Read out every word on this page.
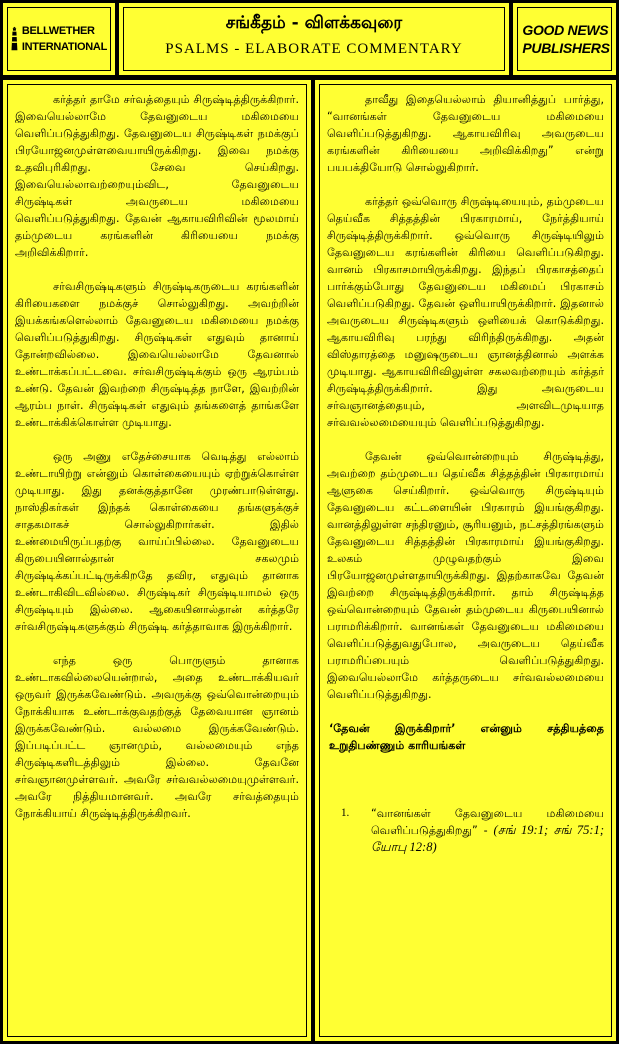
BELLWETHER
INTERNATIONAL
சங்கீதம் - விளக்கவுரை
PSALMS - ELABORATE COMMENTARY
GOOD NEWS
PUBLISHERS

கர்த்தர் தாமே சர்வத்தையும் சிருஷ்டித்திருக்கிறார். இவையெல்லாமே தேவனுடைய மகிமையை வெளிப்படுத்துகிறது. தேவனுடைய சிருஷ்டிகள் நமக்குப் பிரயோஜனமுள்ளவையாயிருக்கிறது. இவை நமக்கு உதவிபுரிகிறது. சேவை செய்கிறது. இவையெல்லாவற்றையும்விட, தேவனுடைய சிருஷ்டிகள் அவருடைய மகிமையை வெளிப்படுத்துகிறது. தேவன் ஆகாயவிரிவின் மூலமாய் தம்முடைய கரங்களின் கிரியையை நமக்கு அறிவிக்கிறார்.

சர்வசிருஷ்டிகளும் சிருஷ்டிகருடைய கரங்களின் கிரியைகளை நமக்குச் சொல்லுகிறது. அவற்றின் இயக்கங்களெல்லாம் தேவனுடைய மகிமையை நமக்கு வெளிப்படுத்துகிறது. சிருஷ்டிகள் எதுவும் தானாய் தோன்றவில்லை. இவையெல்லாமே தேவனால் உண்டாக்கப்பட்டவை. சர்வசிருஷ்டிக்கும் ஒரு ஆரம்பம் உண்டு. தேவன் இவற்றை சிருஷ்டித்த நாளே, இவற்றின் ஆரம்ப நாள். சிருஷ்டிகள் எதுவும் தங்களைத் தாங்களே உண்டாக்கிக்கொள்ள முடியாது.

ஒரு அணு எதேச்சையாக வெடித்து எல்லாம் உண்டாயிற்று என்னும் கொள்கையையும் ஏற்றுக்கொள்ள முடியாது. இது தனக்குத்தானே முரண்பாடுள்ளது. நாஸ்திகர்கள் இந்தக் கொள்கையை தங்களுக்குச் சாதகமாகச் சொல்லுகிறார்கள். இதில் உண்மையிருப்பதற்கு வாய்ப்பில்லை. தேவனுடைய கிருபையினால்தான் சகலமும் சிருஷ்டிக்கப்பட்டிருக்கிறதே தவிர, எதுவும் தானாக உண்டாகிவிடவில்லை. சிருஷ்டிகர் சிருஷ்டியாமல் ஒரு சிருஷ்டியும் இல்லை. ஆகையினால்தான் கர்த்தரே சர்வசிருஷ்டிகளுக்கும் சிருஷ்டி கர்த்தாவாக இருக்கிறார்.

எந்த ஒரு பொருளும் தானாக உண்டாகவில்லையென்றால், அதை உண்டாக்கியவர் ஒருவர் இருக்கவேண்டும். அவருக்கு ஒவ்வொன்றையும் நோக்கியாக உண்டாக்குவதற்குத் தேவையான ஞானம் இருக்கவேண்டும். வல்லமை இருக்கவேண்டும். இப்படிப்பட்ட ஞானமும், வல்லமையும் எந்த சிருஷ்டிகளிடத்திலும் இல்லை. தேவனே சர்வஞானமுள்ளவர். அவரே சர்வவல்லமையுமுள்ளவர். அவரே நித்தியமானவர். அவரே சர்வத்தையும் நோக்கியாய் சிருஷ்டித்திருக்கிறவர்.

தாவீது இதையெல்லாம் தியானித்துப் பார்த்து, “வானங்கள் தேவனுடைய மகிமையை வெளிப்படுத்துகிறது. ஆகாயவிரிவு அவருடைய கரங்களின் கிரியையை அறிவிக்கிறது” என்று பயபக்தியோடு சொல்லுகிறார்.

கர்த்தர் ஒவ்வொரு சிருஷ்டியையும், தம்முடைய தெய்வீக சித்தத்தின் பிரகாரமாய், நேர்த்தியாய் சிருஷ்டித்திருக்கிறார். ஒவ்வொரு சிருஷ்டியிலும் தேவனுடைய கரங்களின் கிரியை வெளிப்படுகிறது. வானம் பிரகாசமாயிருக்கிறது. இந்தப் பிரகாசத்தைப் பார்க்கும்போது தேவனுடைய மகிமைப் பிரகாசம் வெளிப்படுகிறது. தேவன் ஒளியாயிருக்கிறார். இதனால் அவருடைய சிருஷ்டிகளும் ஒளியைக் கொடுக்கிறது. ஆகாயவிரிவு பரந்து விரிந்திருக்கிறது. அதன் விஸ்தாரத்தை மனுஷருடைய ஞானத்தினால் அளக்க முடியாது. ஆகாயவிரிவிலுள்ள சகலவற்றையும் கர்த்தர் சிருஷ்டித்திருக்கிறார். இது அவருடைய சர்வஞானத்தையும், அளவிடமுடியாத சர்வவல்லமையையும் வெளிப்படுத்துகிறது.

தேவன் ஒவ்வொன்றையும் சிருஷ்டித்து, அவற்றை தம்முடைய தெய்வீக சித்தத்தின் பிரகாரமாய் ஆளுகை செய்கிறார். ஒவ்வொரு சிருஷ்டியும் தேவனுடைய கட்டளையின் பிரகாரம் இயங்குகிறது. வானத்திலுள்ள சந்திரனும், சூரியனும், நட்சத்திரங்களும் தேவனுடைய சித்தத்தின் பிரகாரமாய் இயங்குகிறது. உலகம் முழுவதற்கும் இவை பிரயோஜனமுள்ளதாயிருக்கிறது. இதற்காகவே தேவன் இவற்றை சிருஷ்டித்திருக்கிறார். தாம் சிருஷ்டித்த ஒவ்வொன்றையும் தேவன் தம்முடைய கிருபையினால் பராமரிக்கிறார். வானங்கள் தேவனுடைய மகிமையை வெளிப்படுத்துவதுபோல, அவருடைய தெய்வீக பராமரிப்பையும் வெளிப்படுத்துகிறது. இவையெல்லாமே கர்த்தருடைய சர்வவல்லமையை வெளிப்படுத்துகிறது.

‘தேவன் இருக்கிறார்’ என்னும் சத்தியத்தை உறுதிபண்ணும் காரியங்கள்

1.	“வானங்கள் தேவனுடைய மகிமையை வெளிப்படுத்துகிறது” - (சங் 19:1; சங் 75:1; யோபு 12:8)
